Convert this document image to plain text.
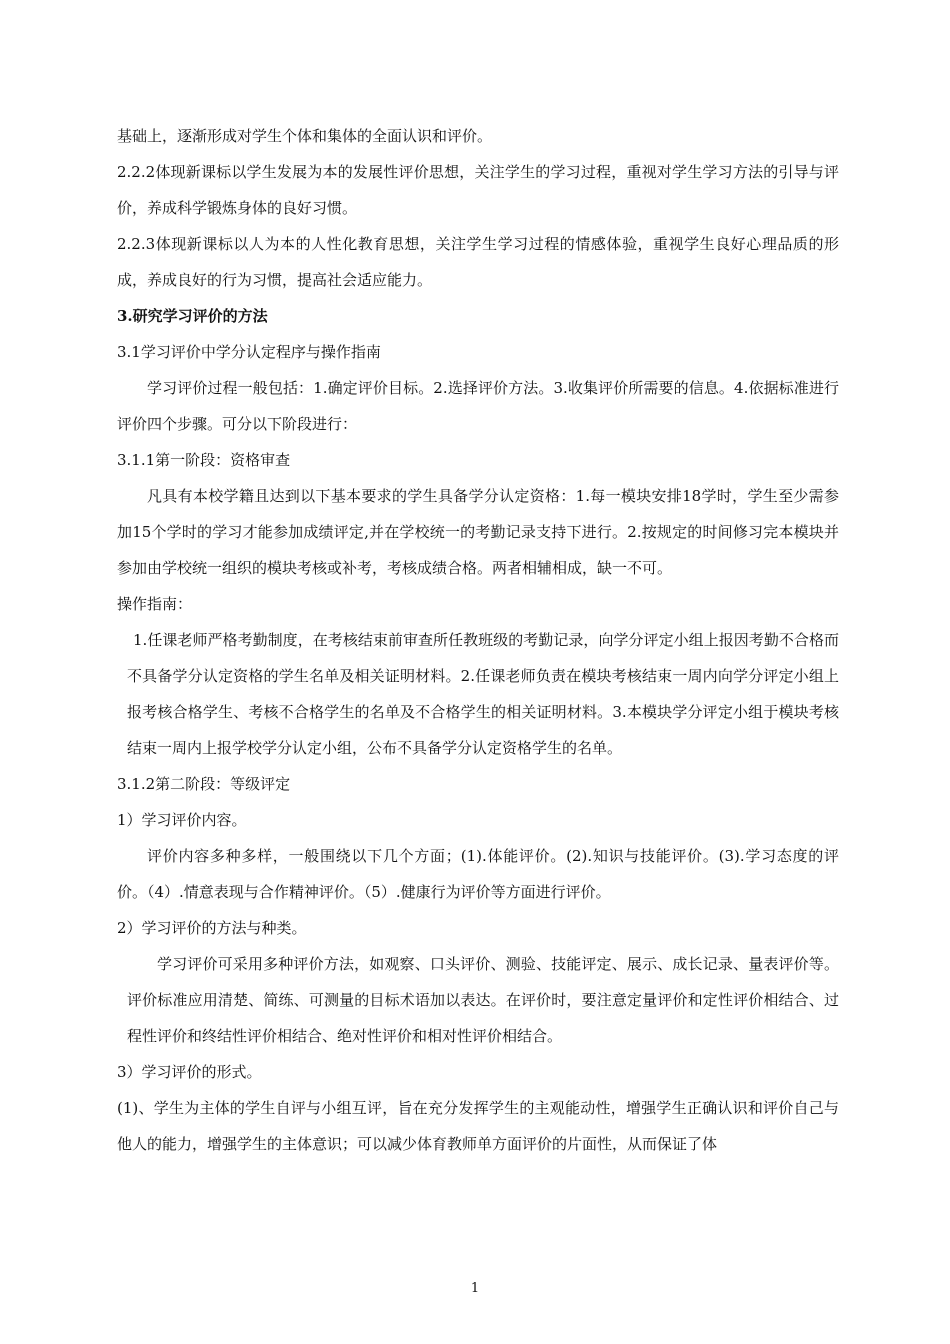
基础上，逐渐形成对学生个体和集体的全面认识和评价。

2.2.2体现新课标以学生发展为本的发展性评价思想，关注学生的学习过程，重视对学生学习方法的引导与评价，养成科学锻炼身体的良好习惯。

2.2.3体现新课标以人为本的人性化教育思想，关注学生学习过程的情感体验，重视学生良好心理品质的形成，养成良好的行为习惯，提高社会适应能力。

3.研究学习评价的方法

3.1学习评价中学分认定程序与操作指南

学习评价过程一般包括：1.确定评价目标。2.选择评价方法。3.收集评价所需要的信息。4.依据标准进行评价四个步骤。可分以下阶段进行：

3.1.1第一阶段：资格审查

凡具有本校学籍且达到以下基本要求的学生具备学分认定资格：1.每一模块安排18学时，学生至少需参加15个学时的学习才能参加成绩评定,并在学校统一的考勤记录支持下进行。2.按规定的时间修习完本模块并参加由学校统一组织的模块考核或补考，考核成绩合格。两者相辅相成，缺一不可。

操作指南：

1.任课老师严格考勤制度，在考核结束前审查所任教班级的考勤记录，向学分评定小组上报因考勤不合格而不具备学分认定资格的学生名单及相关证明材料。2.任课老师负责在模块考核结束一周内向学分评定小组上报考核合格学生、考核不合格学生的名单及不合格学生的相关证明材料。3.本模块学分评定小组于模块考核结束一周内上报学校学分认定小组，公布不具备学分认定资格学生的名单。

3.1.2第二阶段：等级评定

1）学习评价内容。

评价内容多种多样，一般围绕以下几个方面；(1).体能评价。(2).知识与技能评价。(3).学习态度的评价。（4）.情意表现与合作精神评价。（5）.健康行为评价等方面进行评价。

2）学习评价的方法与种类。

学习评价可采用多种评价方法，如观察、口头评价、测验、技能评定、展示、成长记录、量表评价等。评价标准应用清楚、简练、可测量的目标术语加以表达。在评价时，要注意定量评价和定性评价相结合、过程性评价和终结性评价相结合、绝对性评价和相对性评价相结合。

3）学习评价的形式。

(1)、学生为主体的学生自评与小组互评，旨在充分发挥学生的主观能动性，增强学生正确认识和评价自己与他人的能力，增强学生的主体意识；可以减少体育教师单方面评价的片面性，从而保证了体

1
